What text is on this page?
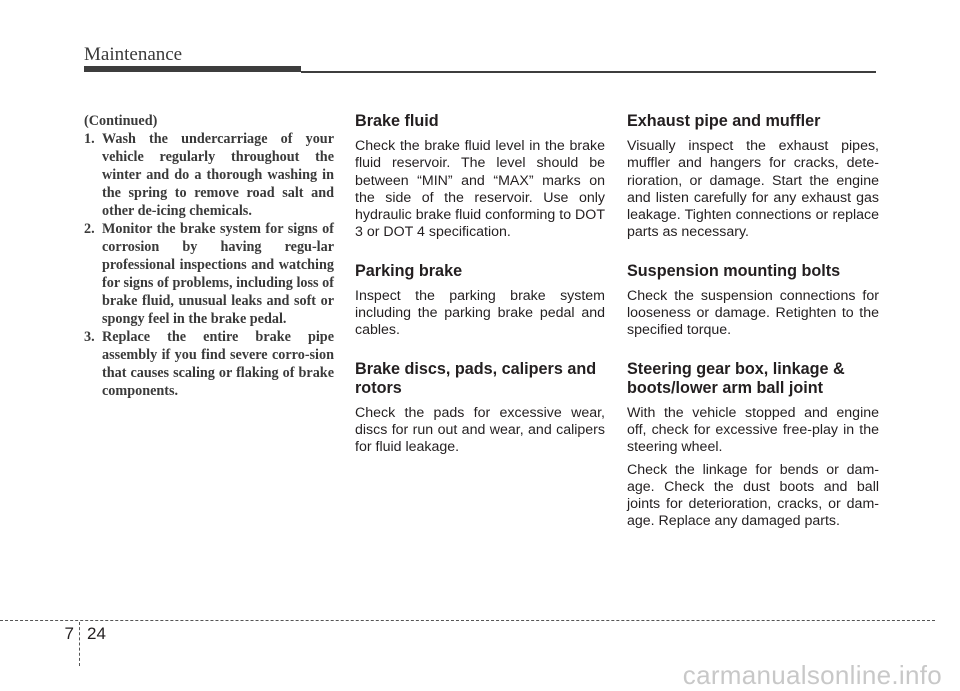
Maintenance

(Continued)

1. Wash the undercarriage of your vehicle regularly throughout the winter and do a thorough washing in the spring to remove road salt and other de-icing chemicals.
2. Monitor the brake system for signs of corrosion by having regu-lar professional inspections and watching for signs of problems, including loss of brake fluid, unusual leaks and soft or spongy feel in the brake pedal.
3. Replace the entire brake pipe assembly if you find severe corro-sion that causes scaling or flaking of brake components.
Brake fluid

Check the brake fluid level in the brake fluid reservoir. The level should be between “MIN” and “MAX” marks on the side of the reservoir. Use only hydraulic brake fluid conforming to DOT 3 or DOT 4 specification.

Parking brake

Inspect the parking brake system including the parking brake pedal and cables.

Brake discs, pads, calipers and rotors

Check the pads for excessive wear, discs for run out and wear, and calipers for fluid leakage.

Exhaust pipe and muffler

Visually inspect the exhaust pipes, muffler and hangers for cracks, dete-rioration, or damage. Start the engine and listen carefully for any exhaust gas leakage. Tighten connections or replace parts as necessary.

Suspension mounting bolts

Check the suspension connections for looseness or damage. Retighten to the specified torque.

Steering gear box, linkage & boots/lower arm ball joint

With the vehicle stopped and engine off, check for excessive free-play in the steering wheel.

Check the linkage for bends or dam-age. Check the dust boots and ball joints for deterioration, cracks, or dam-age. Replace any damaged parts.

7 24
carmanualsonline.info
